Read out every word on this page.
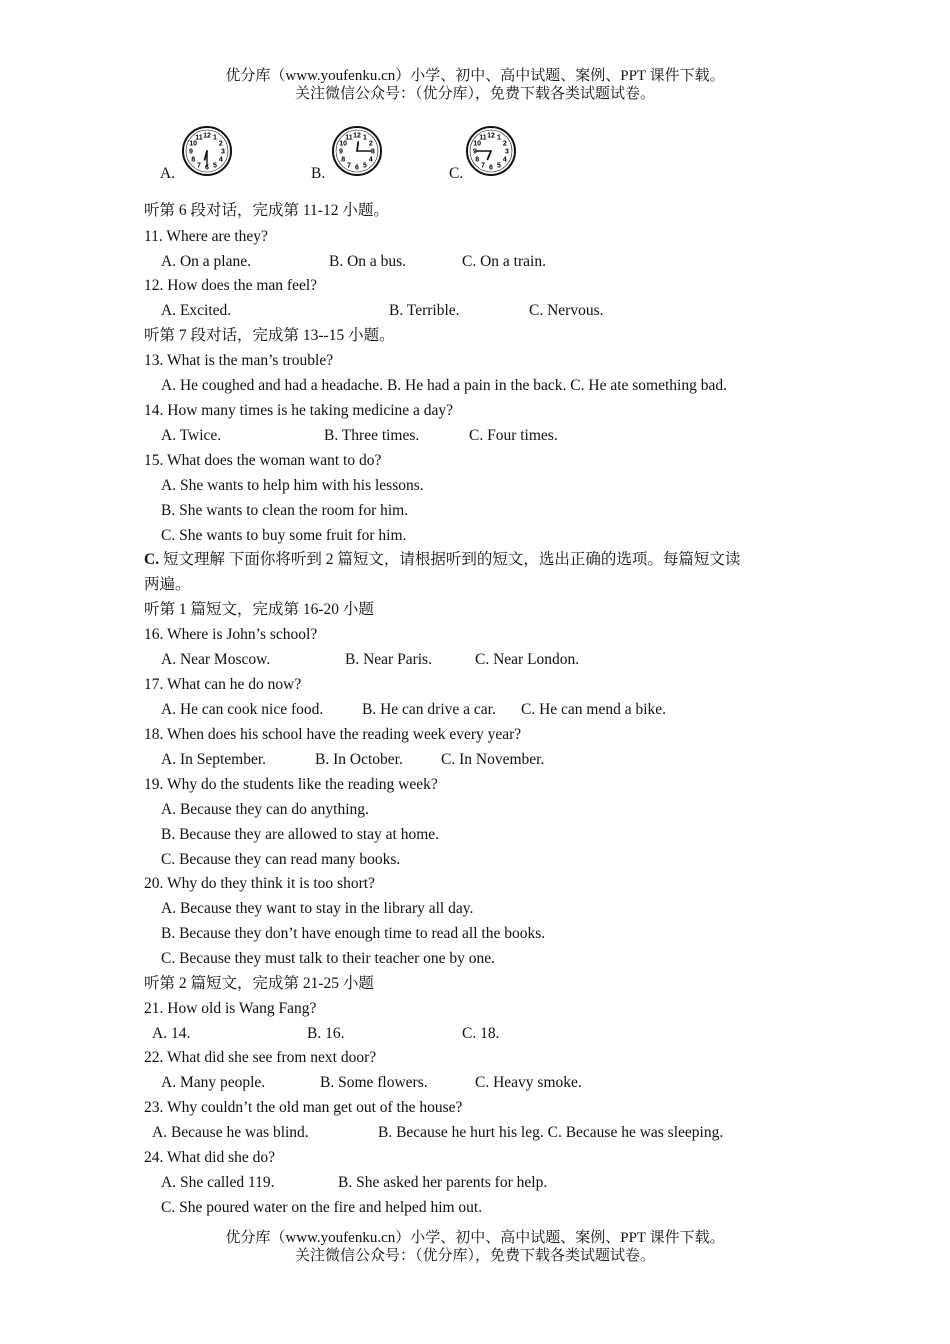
优分库（www.youfenku.cn）小学、初中、高中试题、案例、PPT 课件下载。
关注微信公众号：（优分库），免费下载各类试题试卷。
A.
12 1
2
3
4
5
6
7
8
9
10
11
B.
12 1
2
3
4
5
6
7
8
9
10
11
C.
12 1
2
3
4
5
6
7
8
9
10
11
听第 6 段对话，完成第 11-12 小题。
11. Where are they?
A. On a plane.	B. On a bus.	C. On a train.
12. How does the man feel?
A. Excited.	B. Terrible.	C. Nervous.
听第 7 段对话，完成第 13--15 小题。
13. What is the man’s trouble?
A. He coughed and had a headache. B. He had a pain in the back. C. He ate something bad.
14. How many times is he taking medicine a day?
A. Twice.	B. Three times.	C. Four times.
15. What does the woman want to do?
A. She wants to help him with his lessons.
B. She wants to clean the room for him.
C. She wants to buy some fruit for him.
C. 短文理解 下面你将听到 2 篇短文，请根据听到的短文，选出正确的选项。每篇短文读
两遍。
听第 1 篇短文，完成第 16-20 小题
16. Where is John’s school?
A. Near Moscow.	B. Near Paris.	C. Near London.
17. What can he do now?
A. He can cook nice food. B. He can drive a car. C. He can mend a bike.
18. When does his school have the reading week every year?
A. In September.	B. In October. C. In November.
19. Why do the students like the reading week?
A. Because they can do anything.
B. Because they are allowed to stay at home.
C. Because they can read many books.
20. Why do they think it is too short?
A. Because they want to stay in the library all day.
B. Because they don’t have enough time to read all the books.
C. Because they must talk to their teacher one by one.
听第 2 篇短文，完成第 21-25 小题
21. How old is Wang Fang?
A. 14.	B. 16.	C. 18.
22. What did she see from next door?
A. Many people.	B. Some flowers.	C. Heavy smoke.
23. Why couldn’t the old man get out of the house?
A. Because he was blind.	B. Because he hurt his leg. C. Because he was sleeping.
24. What did she do?
A. She called 119.	B. She asked her parents for help.
C. She poured water on the fire and helped him out.
优分库（www.youfenku.cn）小学、初中、高中试题、案例、PPT 课件下载。
关注微信公众号：（优分库），免费下载各类试题试卷。
